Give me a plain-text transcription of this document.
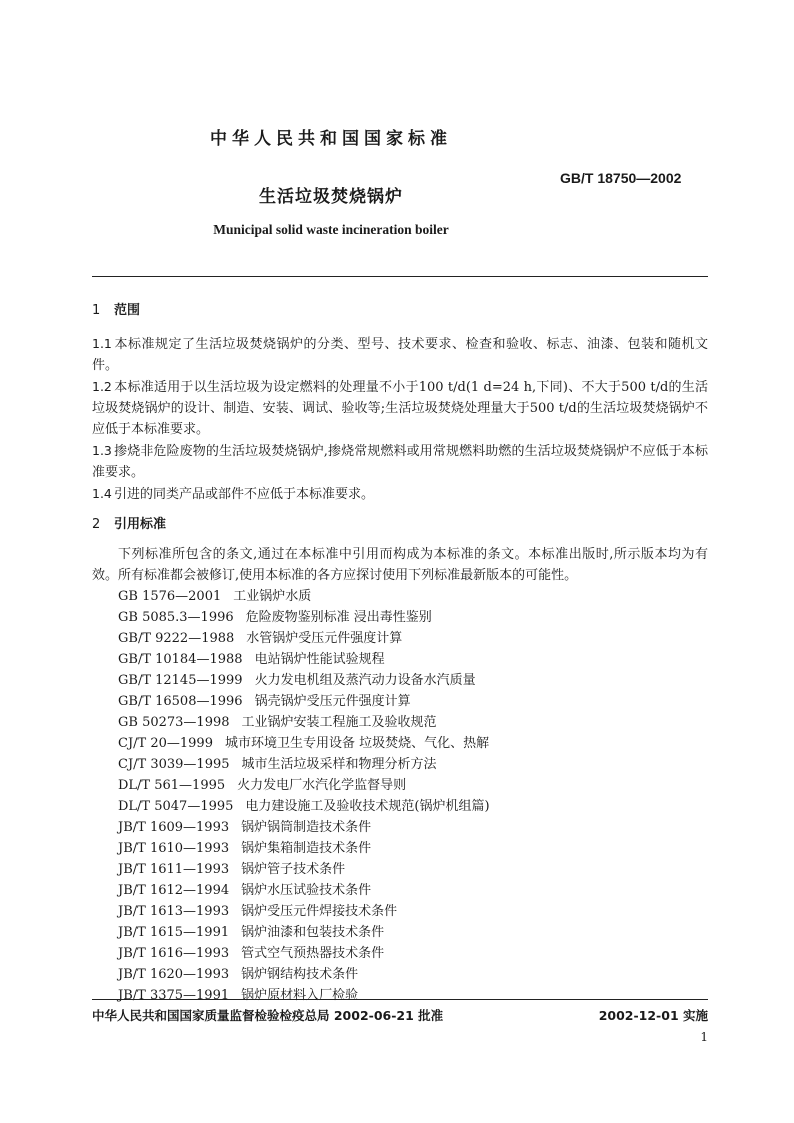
中华人民共和国国家标准
GB/T 18750—2002
生活垃圾焚烧锅炉
Municipal solid waste incineration boiler
1 范围

1.1 本标准规定了生活垃圾焚烧锅炉的分类、型号、技术要求、检查和验收、标志、油漆、包装和随机文件。

1.2 本标准适用于以生活垃圾为设定燃料的处理量不小于100 t/d(1 d=24 h,下同)、不大于500 t/d的生活垃圾焚烧锅炉的设计、制造、安装、调试、验收等;生活垃圾焚烧处理量大于500 t/d的生活垃圾焚烧锅炉不应低于本标准要求。

1.3 掺烧非危险废物的生活垃圾焚烧锅炉,掺烧常规燃料或用常规燃料助燃的生活垃圾焚烧锅炉不应低于本标准要求。

1.4 引进的同类产品或部件不应低于本标准要求。

2 引用标准

下列标准所包含的条文,通过在本标准中引用而构成为本标准的条文。本标准出版时,所示版本均为有效。所有标准都会被修订,使用本标准的各方应探讨使用下列标准最新版本的可能性。

GB 1576—2001 工业锅炉水质
GB 5085.3—1996 危险废物鉴别标准 浸出毒性鉴别
GB/T 9222—1988 水管锅炉受压元件强度计算
GB/T 10184—1988 电站锅炉性能试验规程
GB/T 12145—1999 火力发电机组及蒸汽动力设备水汽质量
GB/T 16508—1996 锅壳锅炉受压元件强度计算
GB 50273—1998 工业锅炉安装工程施工及验收规范
CJ/T 20—1999 城市环境卫生专用设备 垃圾焚烧、气化、热解
CJ/T 3039—1995 城市生活垃圾采样和物理分析方法
DL/T 561—1995 火力发电厂水汽化学监督导则
DL/T 5047—1995 电力建设施工及验收技术规范(锅炉机组篇)
JB/T 1609—1993 锅炉锅筒制造技术条件
JB/T 1610—1993 锅炉集箱制造技术条件
JB/T 1611—1993 锅炉管子技术条件
JB/T 1612—1994 锅炉水压试验技术条件
JB/T 1613—1993 锅炉受压元件焊接技术条件
JB/T 1615—1991 锅炉油漆和包装技术条件
JB/T 1616—1993 管式空气预热器技术条件
JB/T 1620—1993 锅炉钢结构技术条件
JB/T 3375—1991 锅炉原材料入厂检验
中华人民共和国国家质量监督检验检疫总局 2002-06-21 批准	2002-12-01 实施
1
